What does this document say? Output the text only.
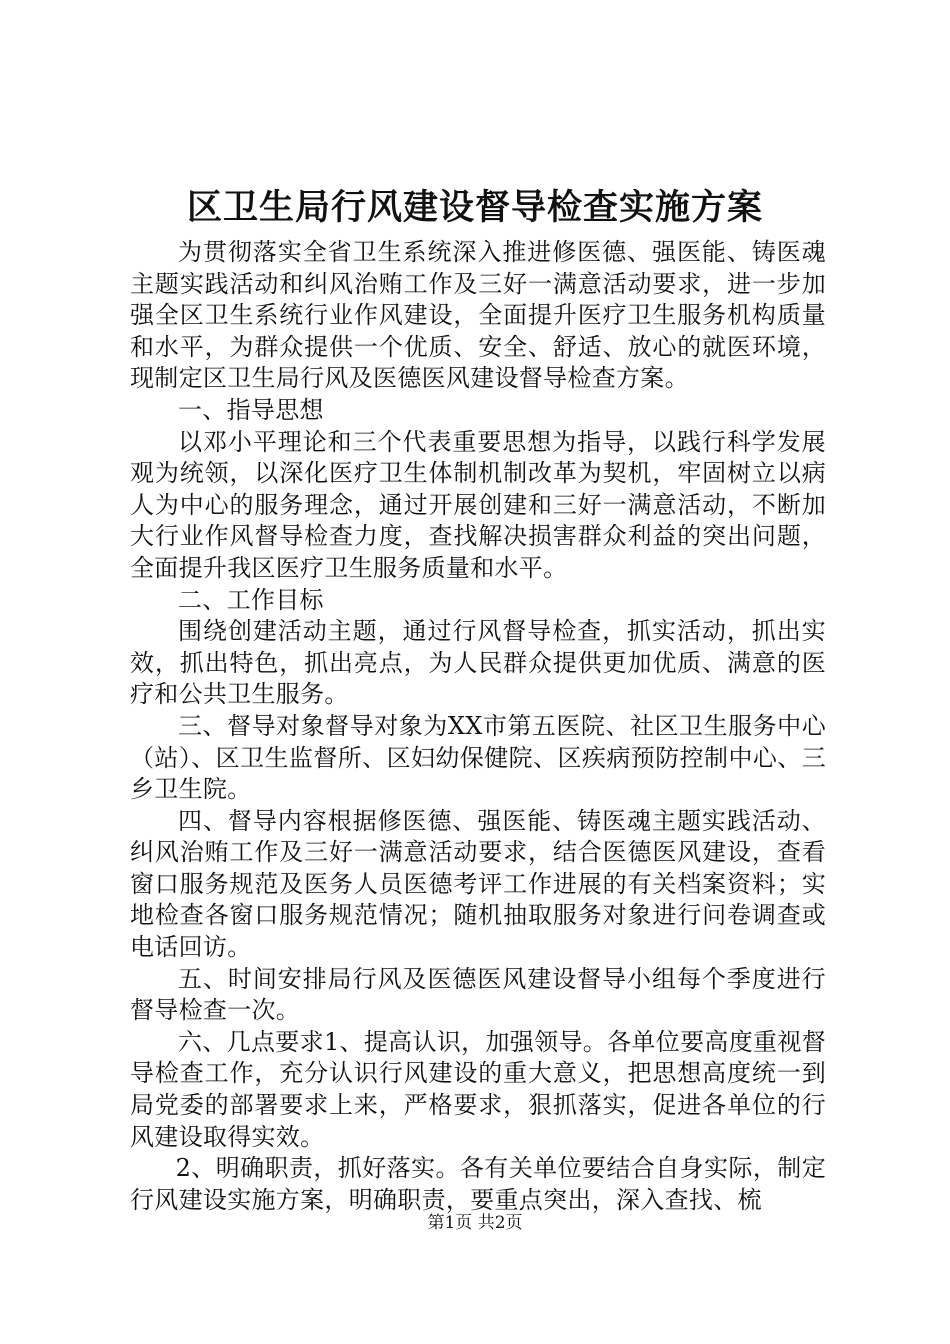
区卫生局行风建设督导检查实施方案

为贯彻落实全省卫生系统深入推进修医德、强医能、铸医魂主题实践活动和纠风治贿工作及三好一满意活动要求，进一步加强全区卫生系统行业作风建设，全面提升医疗卫生服务机构质量和水平，为群众提供一个优质、安全、舒适、放心的就医环境，现制定区卫生局行风及医德医风建设督导检查方案。

一、指导思想

以邓小平理论和三个代表重要思想为指导，以践行科学发展观为统领，以深化医疗卫生体制机制改革为契机，牢固树立以病人为中心的服务理念，通过开展创建和三好一满意活动，不断加大行业作风督导检查力度，查找解决损害群众利益的突出问题，全面提升我区医疗卫生服务质量和水平。

二、工作目标

围绕创建活动主题，通过行风督导检查，抓实活动，抓出实效，抓出特色，抓出亮点，为人民群众提供更加优质、满意的医疗和公共卫生服务。

三、督导对象督导对象为XX市第五医院、社区卫生服务中心（站）、区卫生监督所、区妇幼保健院、区疾病预防控制中心、三乡卫生院。

四、督导内容根据修医德、强医能、铸医魂主题实践活动、纠风治贿工作及三好一满意活动要求，结合医德医风建设，查看窗口服务规范及医务人员医德考评工作进展的有关档案资料；实地检查各窗口服务规范情况；随机抽取服务对象进行问卷调查或电话回访。

五、时间安排局行风及医德医风建设督导小组每个季度进行督导检查一次。

六、几点要求1、提高认识，加强领导。各单位要高度重视督导检查工作，充分认识行风建设的重大意义，把思想高度统一到局党委的部署要求上来，严格要求，狠抓落实，促进各单位的行风建设取得实效。

2、明确职责，抓好落实。各有关单位要结合自身实际，制定行风建设实施方案，明确职责，要重点突出，深入查找、梳

第1页 共2页
